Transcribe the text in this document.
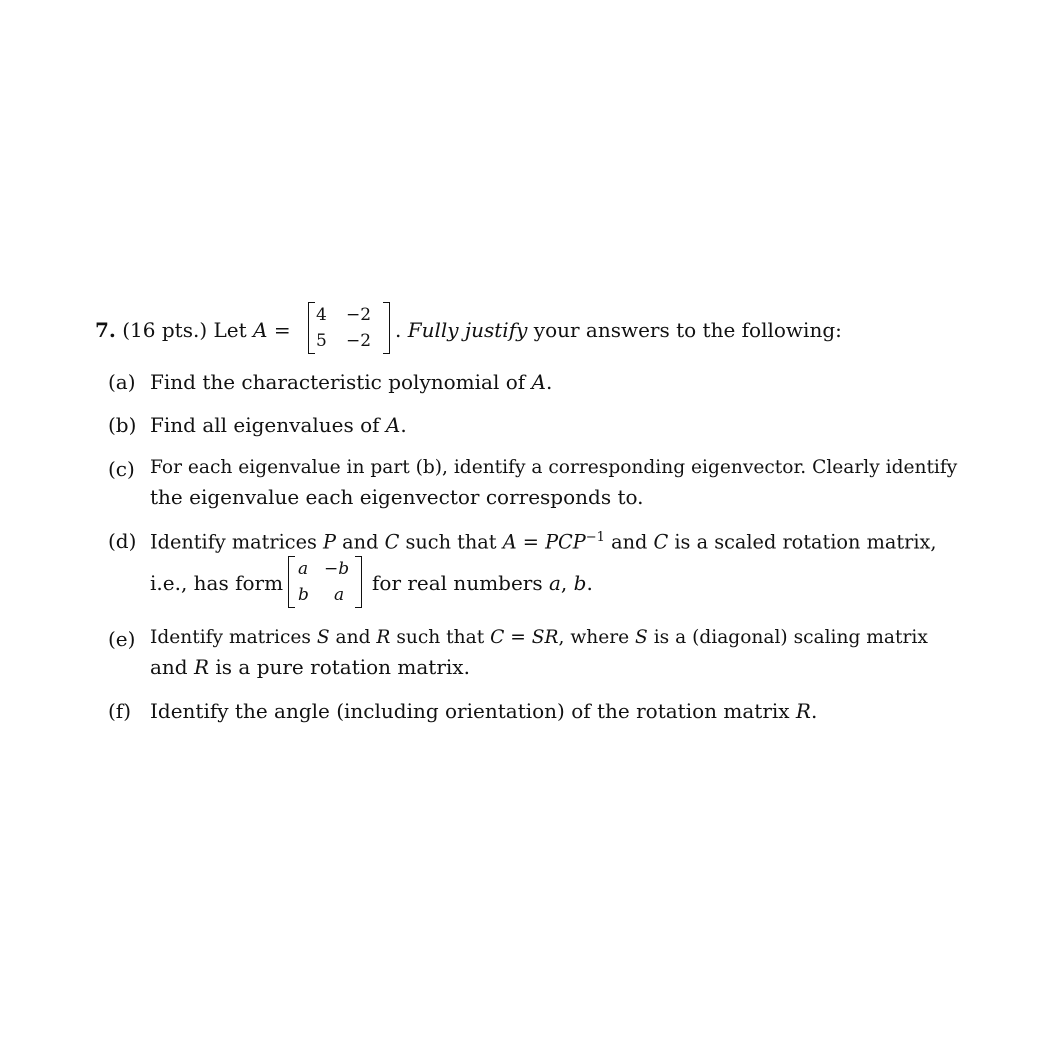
7. (16 pts.) Let A =
4 −2
5 −2 . Fully justify your answers to the following:
(a) Find the characteristic polynomial of A.
(b) Find all eigenvalues of A.
(c) For each eigenvalue in part (b), identify a corresponding eigenvector. Clearly identify
the eigenvalue each eigenvector corresponds to.
(d) Identify matrices P and C such that $A = PCP^{-1}$ and C is a scaled rotation matrix,
i.e., has form
a −b
b a for real numbers a, b.
(e) Identify matrices S and R such that C = SR, where S is a (diagonal) scaling matrix
and R is a pure rotation matrix.
(f) Identify the angle (including orientation) of the rotation matrix R.
